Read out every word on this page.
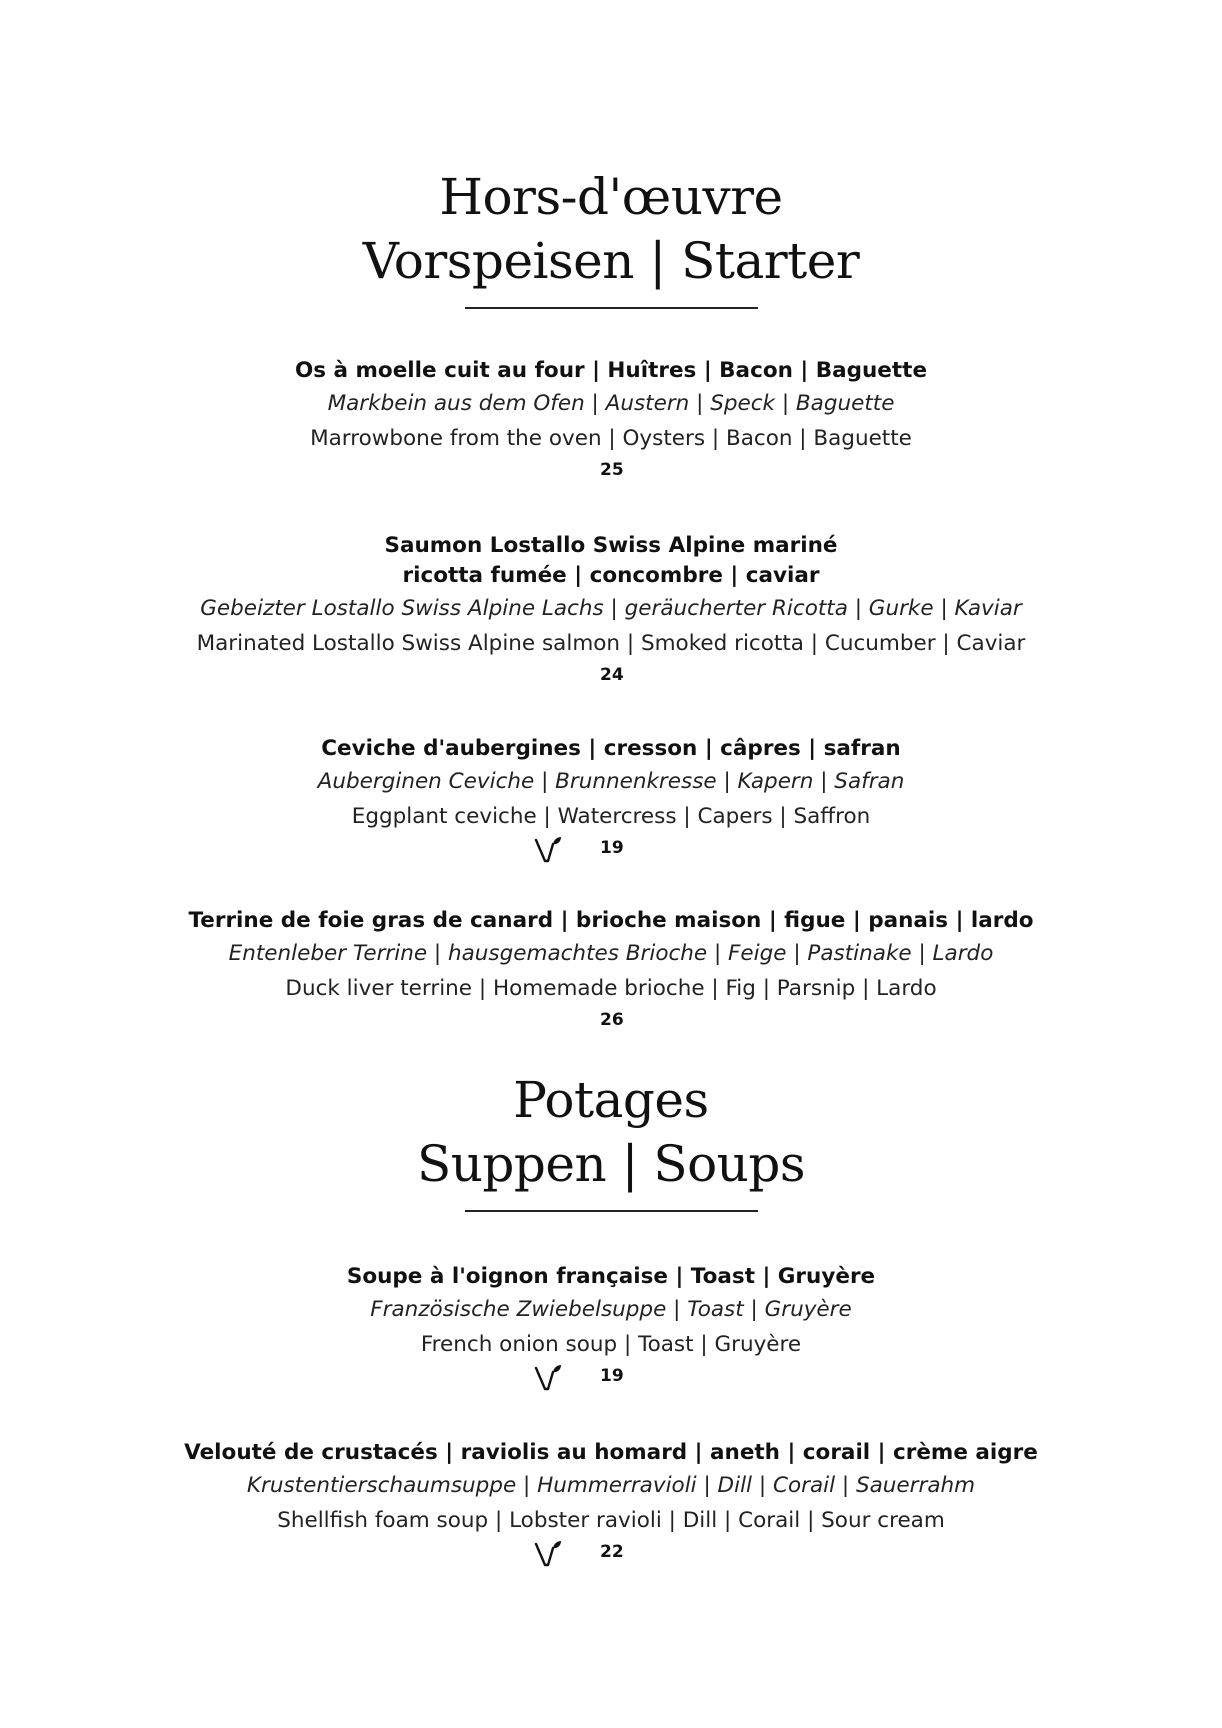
Hors-d'œuvre
Vorspeisen | Starter

Os à moelle cuit au four | Huîtres | Bacon | Baguette

Markbein aus dem Ofen | Austern | Speck | Baguette

Marrowbone from the oven | Oysters | Bacon | Baguette

25

Saumon Lostallo Swiss Alpine mariné

ricotta fumée | concombre | caviar

Gebeizter Lostallo Swiss Alpine Lachs | geräucherter Ricotta | Gurke | Kaviar

Marinated Lostallo Swiss Alpine salmon | Smoked ricotta | Cucumber | Caviar

24

Ceviche d'aubergines | cresson | câpres | safran

Auberginen Ceviche | Brunnenkresse | Kapern | Safran

Eggplant ceviche | Watercress | Capers | Saffron

19

Terrine de foie gras de canard | brioche maison | figue | panais | lardo

Entenleber Terrine | hausgemachtes Brioche | Feige | Pastinake | Lardo

Duck liver terrine | Homemade brioche | Fig | Parsnip | Lardo

26
Potages
Suppen | Soups

Soupe à l'oignon française | Toast | Gruyère

Französische Zwiebelsuppe | Toast | Gruyère

French onion soup | Toast | Gruyère

19

Velouté de crustacés | raviolis au homard | aneth | corail | crème aigre

Krustentierschaumsuppe | Hummerravioli | Dill | Corail | Sauerrahm

Shellfish foam soup | Lobster ravioli | Dill | Corail | Sour cream

22
